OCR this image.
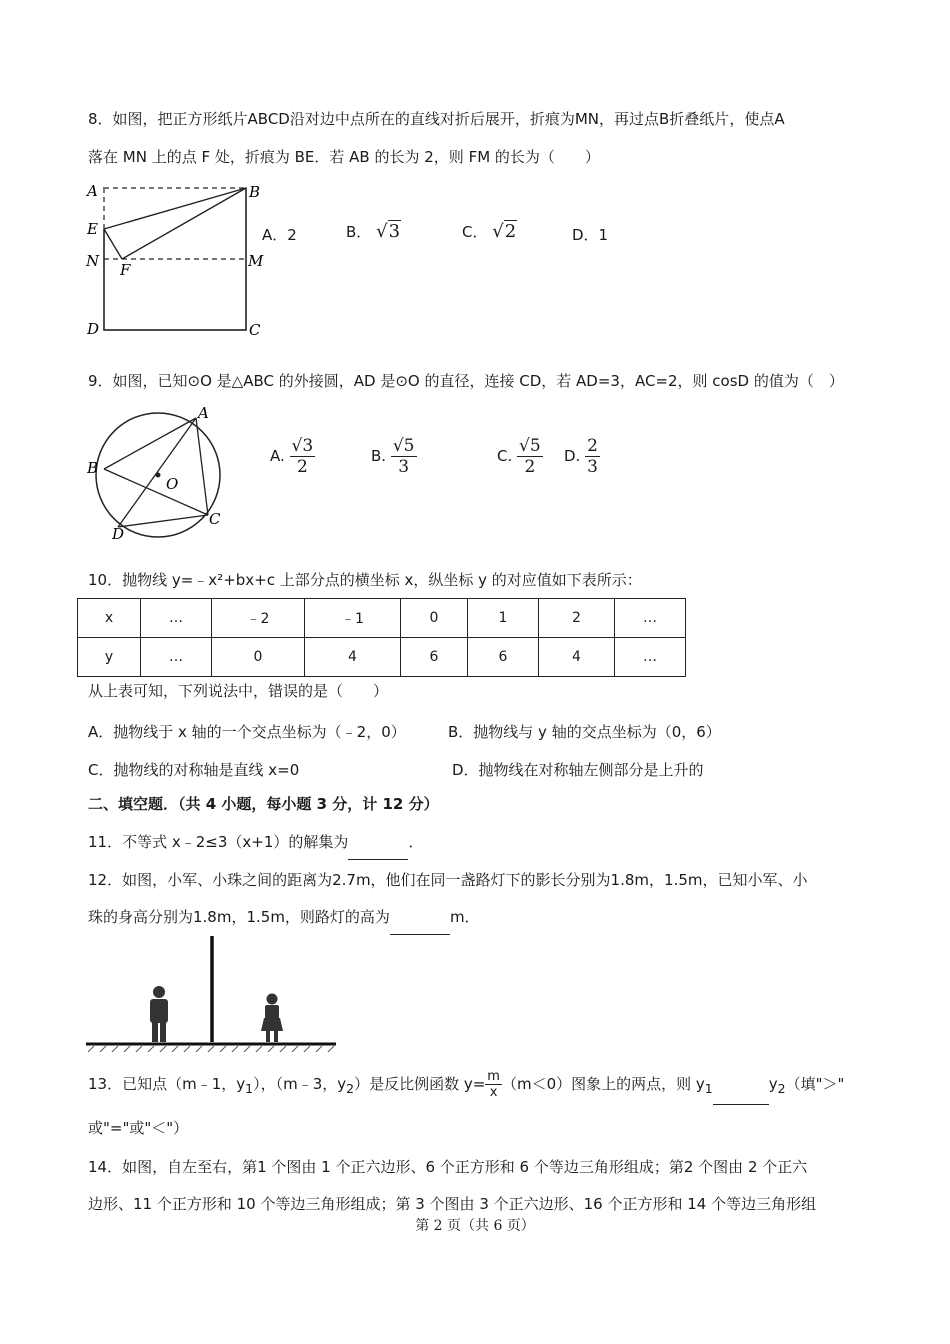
8．如图，把正方形纸片ABCD沿对边中点所在的直线对折后展开，折痕为MN，再过点B折叠纸片，使点A
落在 MN 上的点 F 处，折痕为 BE．若 AB 的长为 2，则 FM 的长为（　　）
A	B
E
N F	M
D	C
A．2	B． √3	C． √2	D．1
9．如图，已知⊙O 是△ABC 的外接圆，AD 是⊙O 的直径，连接 CD，若 AD=3，AC=2，则 cosD 的值为（　）
A
B
O
C
D
A. $\frac{√3}{2}$	B. $\frac{√5}{3}$	C. $\frac{√5}{2} D$. $\frac{2}{3}$
10．抛物线 y=﹣x²+bx+c 上部分点的横坐标 x，纵坐标 y 的对应值如下表所示：
x	…	﹣2	﹣1	0	1	2	…
y	…	0	4	6	6	4	…
从上表可知，下列说法中，错误的是（　　）
A．抛物线于 x 轴的一个交点坐标为（﹣2，0）	B．抛物线与 y 轴的交点坐标为（0，6）
C．抛物线的对称轴是直线 x=0	D．抛物线在对称轴左侧部分是上升的
二、填空题．（共 4 小题，每小题 3 分，计 12 分）
11．不等式 x﹣2≤3（x+1）的解集为	．
12．如图，小军、小珠之间的距离为2.7m，他们在同一盏路灯下的影长分别为1.8m，1.5m，已知小军、小
珠的身高分别为1.8m，1.5m，则路灯的高为	m．
13．已知点（m﹣1，$y_1$），（m﹣3，$y_2$）是反比例函数 $y= \frac{m}{x} (m<0)$图象上的两点，则 $y_1$	$y_2$（填"＞"
或"="或"＜"）
14．如图，自左至右，第1 个图由 1 个正六边形、6 个正方形和 6 个等边三角形组成；第2 个图由 2 个正六
边形、11 个正方形和 10 个等边三角形组成；第 3 个图由 3 个正六边形、16 个正方形和 14 个等边三角形组
第 2 页（共 6 页）
